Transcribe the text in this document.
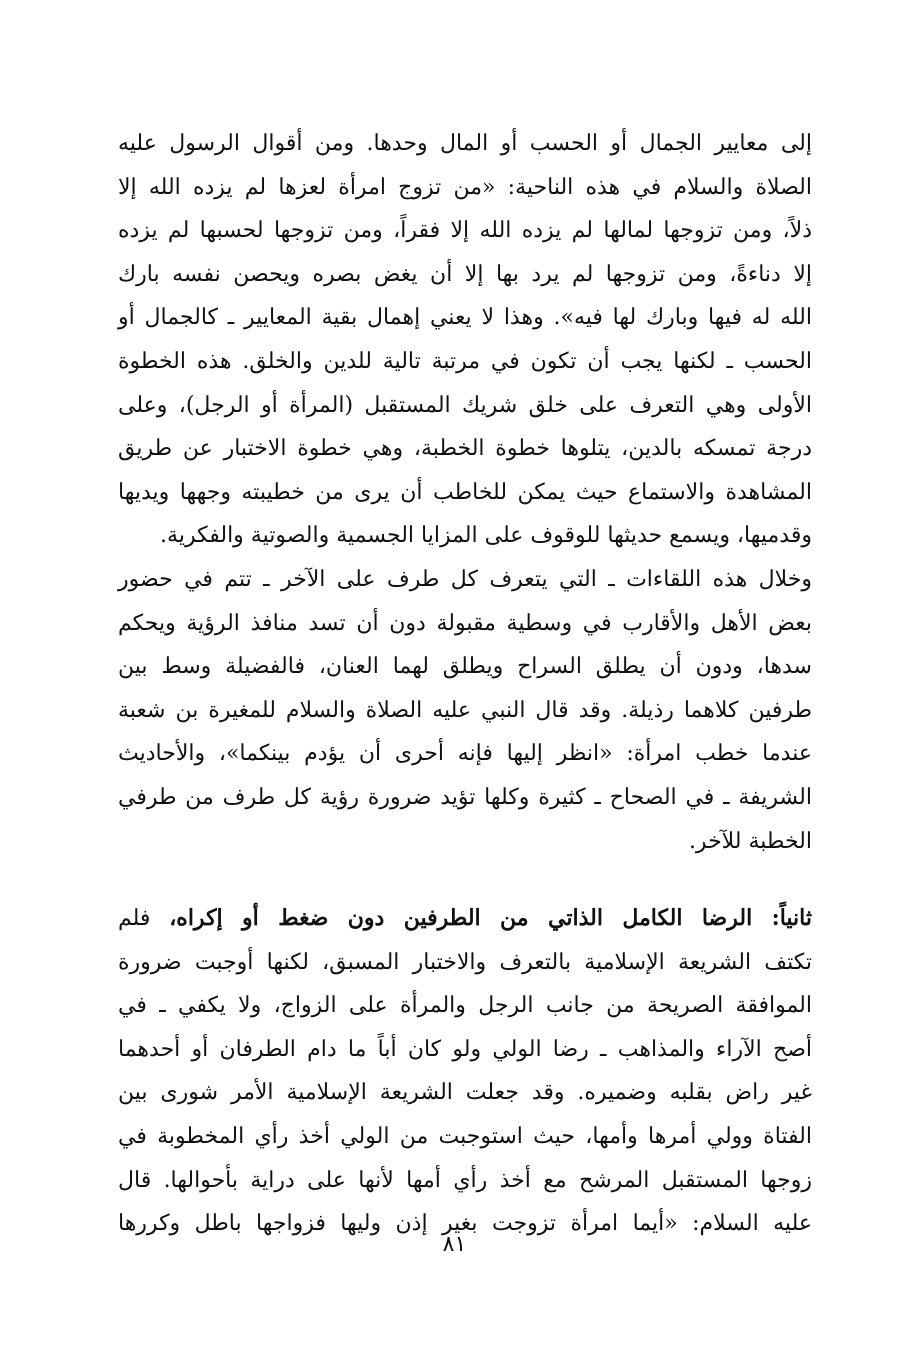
إلى معايير الجمال أو الحسب أو المال وحدها. ومن أقوال الرسول عليه
الصلاة والسلام في هذه الناحية: «من تزوج امرأة لعزها لم يزده الله إلا
ذلاً، ومن تزوجها لمالها لم يزده الله إلا فقراً، ومن تزوجها لحسبها لم يزده
إلا دناءةً، ومن تزوجها لم يرد بها إلا أن يغض بصره ويحصن نفسه بارك
الله له فيها وبارك لها فيه». وهذا لا يعني إهمال بقية المعايير ـ كالجمال أو
الحسب ـ لكنها يجب أن تكون في مرتبة تالية للدين والخلق. هذه الخطوة
الأولى وهي التعرف على خلق شريك المستقبل (المرأة أو الرجل)، وعلى
درجة تمسكه بالدين، يتلوها خطوة الخطبة، وهي خطوة الاختبار عن طريق
المشاهدة والاستماع حيث يمكن للخاطب أن يرى من خطيبته وجهها ويديها
وقدميها، ويسمع حديثها للوقوف على المزايا الجسمية والصوتية والفكرية.
وخلال هذه اللقاءات ـ التي يتعرف كل طرف على الآخر ـ تتم في حضور
بعض الأهل والأقارب في وسطية مقبولة دون أن تسد منافذ الرؤية ويحكم
سدها، ودون أن يطلق السراح ويطلق لهما العنان، فالفضيلة وسط بين
طرفين كلاهما رذيلة. وقد قال النبي عليه الصلاة والسلام للمغيرة بن شعبة
عندما خطب امرأة: «انظر إليها فإنه أحرى أن يؤدم بينكما»، والأحاديث
الشريفة ـ في الصحاح ـ كثيرة وكلها تؤيد ضرورة رؤية كل طرف من طرفي
الخطبة للآخر.

ثانياً: الرضا الكامل الذاتي من الطرفين دون ضغط أو إكراه، فلم
تكتف الشريعة الإسلامية بالتعرف والاختبار المسبق، لكنها أوجبت ضرورة
الموافقة الصريحة من جانب الرجل والمرأة على الزواج، ولا يكفي ـ في
أصح الآراء والمذاهب ـ رضا الولي ولو كان أباً ما دام الطرفان أو أحدهما
غير راض بقلبه وضميره. وقد جعلت الشريعة الإسلامية الأمر شورى بين
الفتاة وولي أمرها وأمها، حيث استوجبت من الولي أخذ رأي المخطوبة في
زوجها المستقبل المرشح مع أخذ رأي أمها لأنها على دراية بأحوالها. قال
عليه السلام: «أيما امرأة تزوجت بغير إذن وليها فزواجها باطل وكررها

٨١
